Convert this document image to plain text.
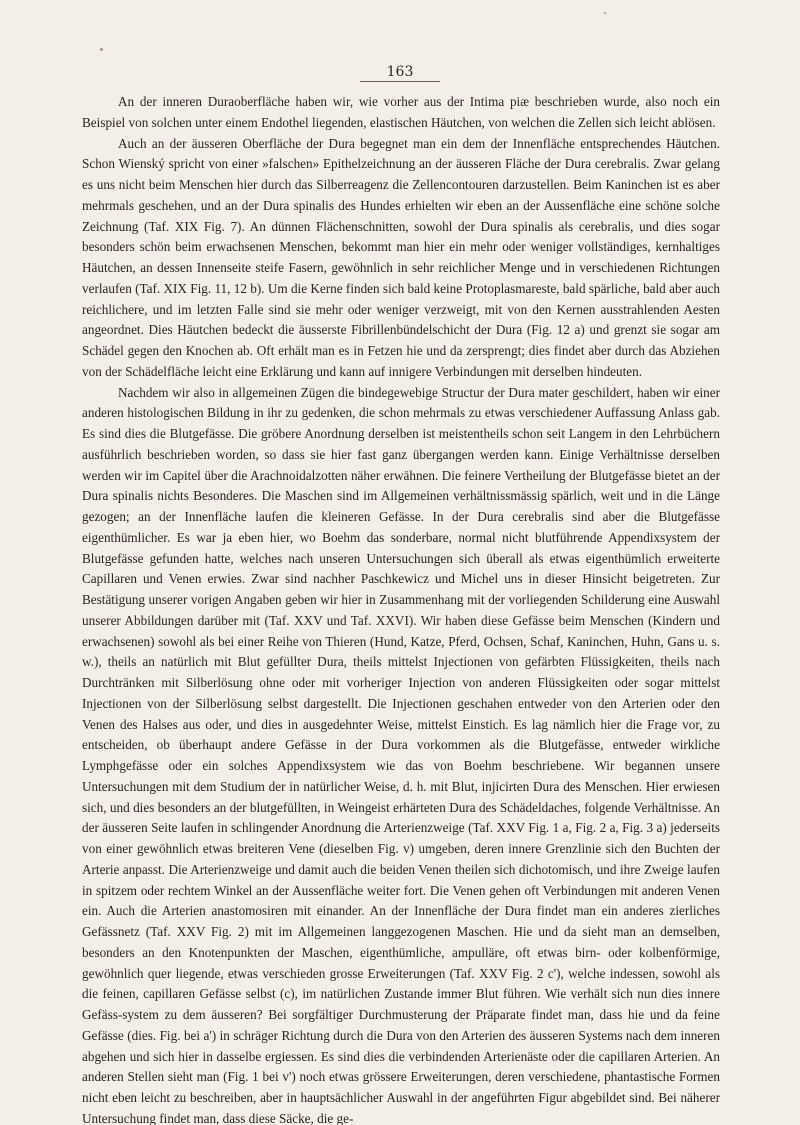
163

An der inneren Duraoberfläche haben wir, wie vorher aus der Intima piæ beschrieben wurde, also noch ein Beispiel von solchen unter einem Endothel liegenden, elastischen Häutchen, von welchen die Zellen sich leicht ablösen.

Auch an der äusseren Oberfläche der Dura begegnet man ein dem der Innenfläche entsprechendes Häutchen. Schon Wienský spricht von einer »falschen» Epithelzeichnung an der äusseren Fläche der Dura cerebralis. Zwar gelang es uns nicht beim Menschen hier durch das Silberreagenz die Zellencontouren darzustellen. Beim Kaninchen ist es aber mehrmals geschehen, und an der Dura spinalis des Hundes erhielten wir eben an der Aussenfläche eine schöne solche Zeichnung (Taf. XIX Fig. 7). An dünnen Flächenschnitten, sowohl der Dura spinalis als cerebralis, und dies sogar besonders schön beim erwachsenen Menschen, bekommt man hier ein mehr oder weniger vollständiges, kernhaltiges Häutchen, an dessen Innenseite steife Fasern, gewöhnlich in sehr reichlicher Menge und in verschiedenen Richtungen verlaufen (Taf. XIX Fig. 11, 12 b). Um die Kerne finden sich bald keine Protoplasmareste, bald spärliche, bald aber auch reichlichere, und im letzten Falle sind sie mehr oder weniger verzweigt, mit von den Kernen ausstrahlenden Aesten angeordnet. Dies Häutchen bedeckt die äusserste Fibrillenbündelschicht der Dura (Fig. 12 a) und grenzt sie sogar am Schädel gegen den Knochen ab. Oft erhält man es in Fetzen hie und da zersprengt; dies findet aber durch das Abziehen von der Schädelfläche leicht eine Erklärung und kann auf innigere Verbindungen mit derselben hindeuten.

Nachdem wir also in allgemeinen Zügen die bindegewebige Structur der Dura mater geschildert, haben wir einer anderen histologischen Bildung in ihr zu gedenken, die schon mehrmals zu etwas verschiedener Auffassung Anlass gab. Es sind dies die Blutgefässe. Die gröbere Anordnung derselben ist meistentheils schon seit Langem in den Lehrbüchern ausführlich beschrieben worden, so dass sie hier fast ganz übergangen werden kann. Einige Verhältnisse derselben werden wir im Capitel über die Arachnoidalzotten näher erwähnen. Die feinere Vertheilung der Blutgefässe bietet an der Dura spinalis nichts Besonderes. Die Maschen sind im Allgemeinen verhältnissmässig spärlich, weit und in die Länge gezogen; an der Innenfläche laufen die kleineren Gefässe. In der Dura cerebralis sind aber die Blutgefässe eigenthümlicher. Es war ja eben hier, wo Boehm das sonderbare, normal nicht blutführende Appendixsystem der Blutgefässe gefunden hatte, welches nach unseren Untersuchungen sich überall als etwas eigenthümlich erweiterte Capillaren und Venen erwies. Zwar sind nachher Paschkewicz und Michel uns in dieser Hinsicht beigetreten. Zur Bestätigung unserer vorigen Angaben geben wir hier in Zusammenhang mit der vorliegenden Schilderung eine Auswahl unserer Abbildungen darüber mit (Taf. XXV und Taf. XXVI). Wir haben diese Gefässe beim Menschen (Kindern und erwachsenen) sowohl als bei einer Reihe von Thieren (Hund, Katze, Pferd, Ochsen, Schaf, Kaninchen, Huhn, Gans u. s. w.), theils an natürlich mit Blut gefüllter Dura, theils mittelst Injectionen von gefärbten Flüssigkeiten, theils nach Durchtränken mit Silberlösung ohne oder mit vorheriger Injection von anderen Flüssigkeiten oder sogar mittelst Injectionen von der Silberlösung selbst dargestellt. Die Injectionen geschahen entweder von den Arterien oder den Venen des Halses aus oder, und dies in ausgedehnter Weise, mittelst Einstich. Es lag nämlich hier die Frage vor, zu entscheiden, ob überhaupt andere Gefässe in der Dura vorkommen als die Blutgefässe, entweder wirkliche Lymphgefässe oder ein solches Appendixsystem wie das von Boehm beschriebene. Wir begannen unsere Untersuchungen mit dem Studium der in natürlicher Weise, d. h. mit Blut, injicirten Dura des Menschen. Hier erwiesen sich, und dies besonders an der blutgefüllten, in Weingeist erhärteten Dura des Schädeldaches, folgende Verhältnisse. An der äusseren Seite laufen in schlingender Anordnung die Arterienzweige (Taf. XXV Fig. 1 a, Fig. 2 a, Fig. 3 a) jederseits von einer gewöhnlich etwas breiteren Vene (dieselben Fig. v) umgeben, deren innere Grenzlinie sich den Buchten der Arterie anpasst. Die Arterienzweige und damit auch die beiden Venen theilen sich dichotomisch, und ihre Zweige laufen in spitzem oder rechtem Winkel an der Aussenfläche weiter fort. Die Venen gehen oft Verbindungen mit anderen Venen ein. Auch die Arterien anastomosiren mit einander. An der Innenfläche der Dura findet man ein anderes zierliches Gefässnetz (Taf. XXV Fig. 2) mit im Allgemeinen langgezogenen Maschen. Hie und da sieht man an demselben, besonders an den Knotenpunkten der Maschen, eigenthümliche, ampulläre, oft etwas birn- oder kolbenförmige, gewöhnlich quer liegende, etwas verschieden grosse Erweiterungen (Taf. XXV Fig. 2 c'), welche indessen, sowohl als die feinen, capillaren Gefässe selbst (c), im natürlichen Zustande immer Blut führen. Wie verhält sich nun dies innere Gefäss-system zu dem äusseren? Bei sorgfältiger Durchmusterung der Präparate findet man, dass hie und da feine Gefässe (dies. Fig. bei a') in schräger Richtung durch die Dura von den Arterien des äusseren Systems nach dem inneren abgehen und sich hier in dasselbe ergiessen. Es sind dies die verbindenden Arterienäste oder die capillaren Arterien. An anderen Stellen sieht man (Fig. 1 bei v') noch etwas grössere Erweiterungen, deren verschiedene, phantastische Formen nicht eben leicht zu beschreiben, aber in hauptsächlicher Auswahl in der angeführten Figur abgebildet sind. Bei näherer Untersuchung findet man, dass diese Säcke, die ge-
